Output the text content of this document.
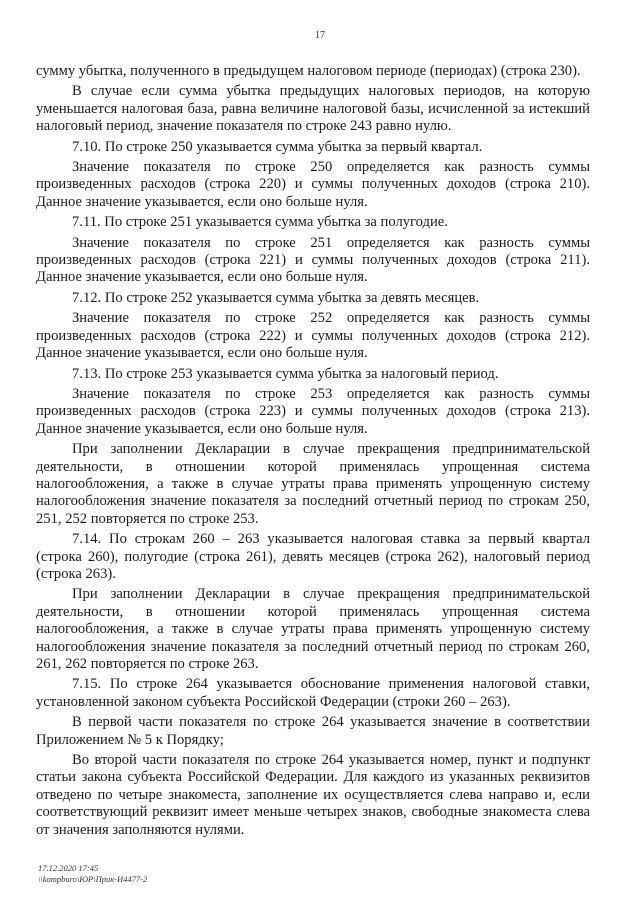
17

сумму убытка, полученного в предыдущем налоговом периоде (периодах) (строка 230).

В случае если сумма убытка предыдущих налоговых периодов, на которую уменьшается налоговая база, равна величине налоговой базы, исчисленной за истекший налоговый период, значение показателя по строке 243 равно нулю.

7.10. По строке 250 указывается сумма убытка за первый квартал.

Значение показателя по строке 250 определяется как разность суммы произведенных расходов (строка 220) и суммы полученных доходов (строка 210). Данное значение указывается, если оно больше нуля.

7.11. По строке 251 указывается сумма убытка за полугодие.

Значение показателя по строке 251 определяется как разность суммы произведенных расходов (строка 221) и суммы полученных доходов (строка 211). Данное значение указывается, если оно больше нуля.

7.12. По строке 252 указывается сумма убытка за девять месяцев.

Значение показателя по строке 252 определяется как разность суммы произведенных расходов (строка 222) и суммы полученных доходов (строка 212). Данное значение указывается, если оно больше нуля.

7.13. По строке 253 указывается сумма убытка за налоговый период.

Значение показателя по строке 253 определяется как разность суммы произведенных расходов (строка 223) и суммы полученных доходов (строка 213). Данное значение указывается, если оно больше нуля.

При заполнении Декларации в случае прекращения предпринимательской деятельности, в отношении которой применялась упрощенная система налогообложения, а также в случае утраты права применять упрощенную систему налогообложения значение показателя за последний отчетный период по строкам 250, 251, 252 повторяется по строке 253.

7.14. По строкам 260 – 263 указывается налоговая ставка за первый квартал (строка 260), полугодие (строка 261), девять месяцев (строка 262), налоговый период (строка 263).

При заполнении Декларации в случае прекращения предпринимательской деятельности, в отношении которой применялась упрощенная система налогообложения, а также в случае утраты права применять упрощенную систему налогообложения значение показателя за последний отчетный период по строкам 260, 261, 262 повторяется по строке 263.

7.15. По строке 264 указывается обоснование применения налоговой ставки, установленной законом субъекта Российской Федерации (строки 260 – 263).

В первой части показателя по строке 264 указывается значение в соответствии Приложением № 5 к Порядку;

Во второй части показателя по строке 264 указывается номер, пункт и подпункт статьи закона субъекта Российской Федерации. Для каждого из указанных реквизитов отведено по четыре знакоместа, заполнение их осуществляется слева направо и, если соответствующий реквизит имеет меньше четырех знаков, свободные знакоместа слева от значения заполняются нулями.

17.12.2020 17:45
\\kompburo\ЮР\Прик-И4477-2
